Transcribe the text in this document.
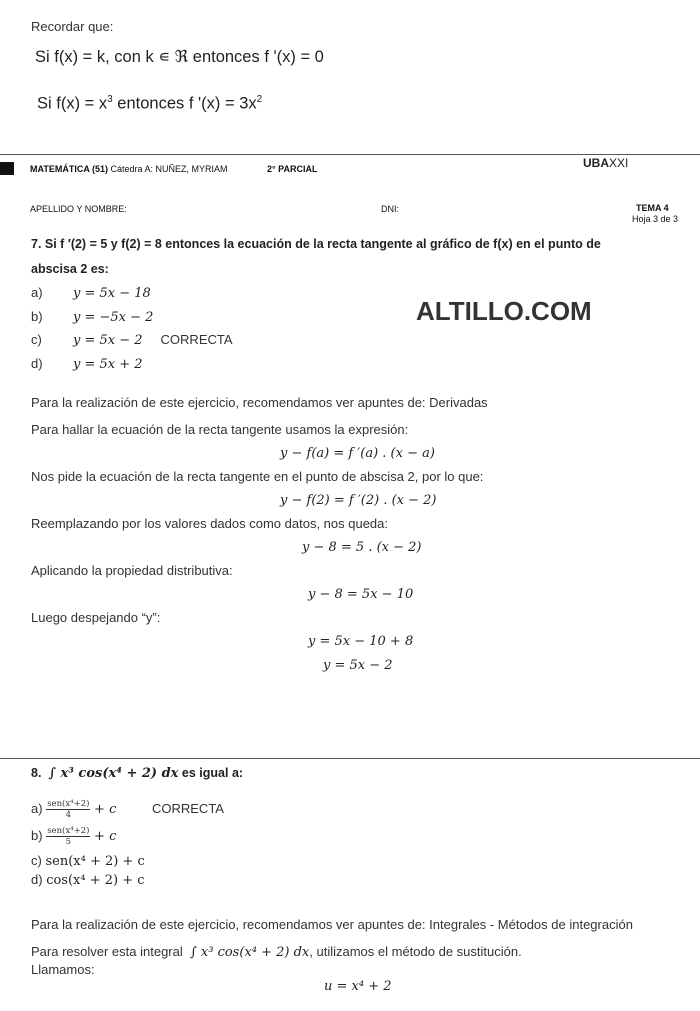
Recordar que:
Si f(x) = k, con k ∊ ℜ entonces f ʹ(x) = 0
Si $f(x) = x^3$ entonces f ʹ(x) = $3x^2$
MATEMÁTICA (51) Cátedra A: NUÑEZ, MYRIAM	2° PARCIAL	UBAXXI
APELLIDO Y NOMBRE:	DNI:	TEMA 4
Hoja 3 de 3
7. Si f ′(2) = 5 y f(2) = 8 entonces la ecuación de la recta tangente al gráfico de f(x) en el punto de
abscisa 2 es:
a) y = 5x − 18
b) y = −5x − 2
c) y = 5x − 2 CORRECTA
d) y = 5x + 2
ALTILLO.COM
Para la realización de este ejercicio, recomendamos ver apuntes de: Derivadas
Para hallar la ecuación de la recta tangente usamos la expresión:
y − f(a) = f ′(a) . (x − a)
Nos pide la ecuación de la recta tangente en el punto de abscisa 2, por lo que:
y − f(2) = f ′(2) . (x − 2)
Reemplazando por los valores dados como datos, nos queda:
y − 8 = 5 . (x − 2)
Aplicando la propiedad distributiva:
y − 8 = 5x − 10
Luego despejando “y”:
y = 5x − 10 + 8
y = 5x − 2
8. ∫ x³ cos(x⁴ + 2) dx es igual a:
$a) \frac{\text{sen(x⁴+2)}}{4} + c$	CORRECTA
$b) \frac{\text{sen(x⁴+2)}}{5} + c$
c) sen(x⁴ + 2) + c
d) cos(x⁴ + 2) + c
Para la realización de este ejercicio, recomendamos ver apuntes de: Integrales - Métodos de integración
Para resolver esta integral ∫ x³ cos(x⁴ + 2) dx, utilizamos el método de sustitución.
Llamamos:
u = x⁴ + 2
